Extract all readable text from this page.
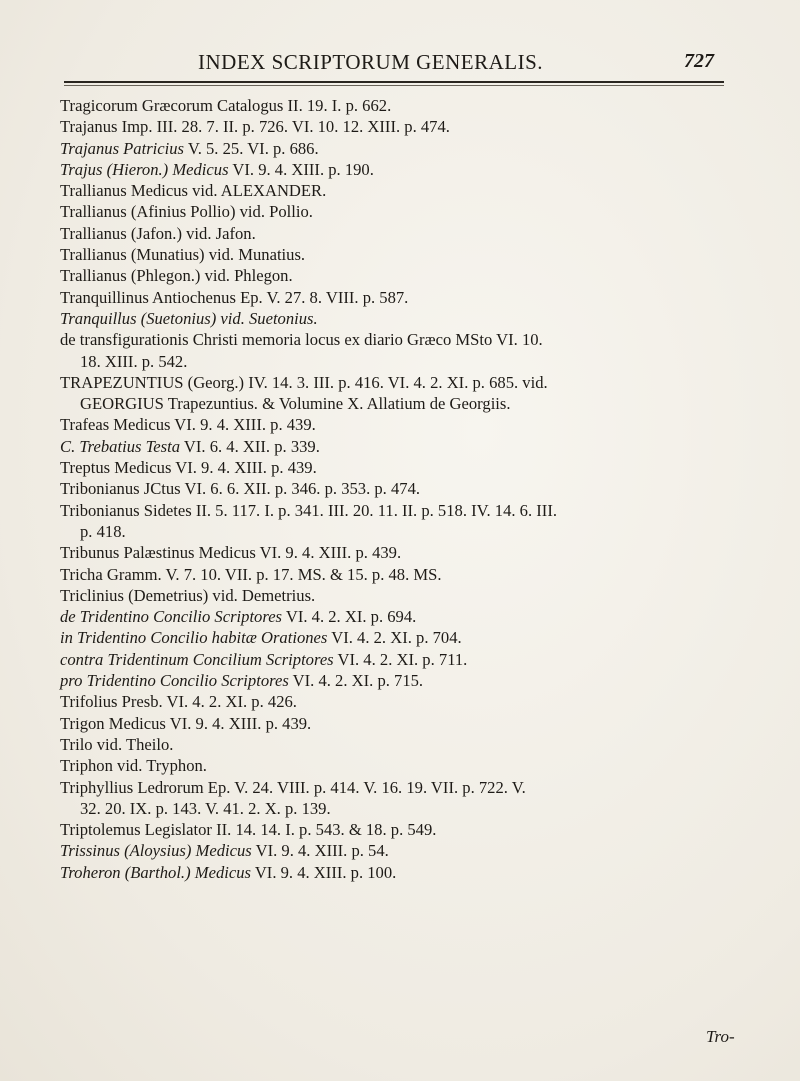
INDEX SCRIPTORUM GENERALIS.	727
Tragicorum Græcorum Catalogus II. 19. I. p. 662.
Trajanus Imp. III. 28. 7. II. p. 726. VI. 10. 12. XIII. p. 474.
Trajanus Patricius V. 5. 25. VI. p. 686.
Trajus (Hieron.) Medicus VI. 9. 4. XIII. p. 190.
Trallianus Medicus vid. ALEXANDER.
Trallianus (Afinius Pollio) vid. Pollio.
Trallianus (Jafon.) vid. Jafon.
Trallianus (Munatius) vid. Munatius.
Trallianus (Phlegon.) vid. Phlegon.
Tranquillinus Antiochenus Ep. V. 27. 8. VIII. p. 587.
Tranquillus (Suetonius) vid. Suetonius.
de transfigurationis Christi memoria locus ex diario Græco MSto VI. 10.
18. XIII. p. 542.
TRAPEZUNTIUS (Georg.) IV. 14. 3. III. p. 416. VI. 4. 2. XI. p. 685. vid.
GEORGIUS Trapezuntius. & Volumine X. Allatium de Georgiis.
Trafeas Medicus VI. 9. 4. XIII. p. 439.
C. Trebatius Testa VI. 6. 4. XII. p. 339.
Treptus Medicus VI. 9. 4. XIII. p. 439.
Tribonianus JCtus VI. 6. 6. XII. p. 346. p. 353. p. 474.
Tribonianus Sidetes II. 5. 117. I. p. 341. III. 20. 11. II. p. 518. IV. 14. 6. III.
p. 418.
Tribunus Palæstinus Medicus VI. 9. 4. XIII. p. 439.
Tricha Gramm. V. 7. 10. VII. p. 17. MS. & 15. p. 48. MS.
Triclinius (Demetrius) vid. Demetrius.
de Tridentino Concilio Scriptores VI. 4. 2. XI. p. 694.
in Tridentino Concilio habitæ Orationes VI. 4. 2. XI. p. 704.
contra Tridentinum Concilium Scriptores VI. 4. 2. XI. p. 711.
pro Tridentino Concilio Scriptores VI. 4. 2. XI. p. 715.
Trifolius Presb. VI. 4. 2. XI. p. 426.
Trigon Medicus VI. 9. 4. XIII. p. 439.
Trilo vid. Theilo.
Triphon vid. Tryphon.
Triphyllius Ledrorum Ep. V. 24. VIII. p. 414. V. 16. 19. VII. p. 722. V.
32. 20. IX. p. 143. V. 41. 2. X. p. 139.
Triptolemus Legislator II. 14. 14. I. p. 543. & 18. p. 549.
Trissinus (Aloysius) Medicus VI. 9. 4. XIII. p. 54.
Troheron (Barthol.) Medicus VI. 9. 4. XIII. p. 100.
Tro-
